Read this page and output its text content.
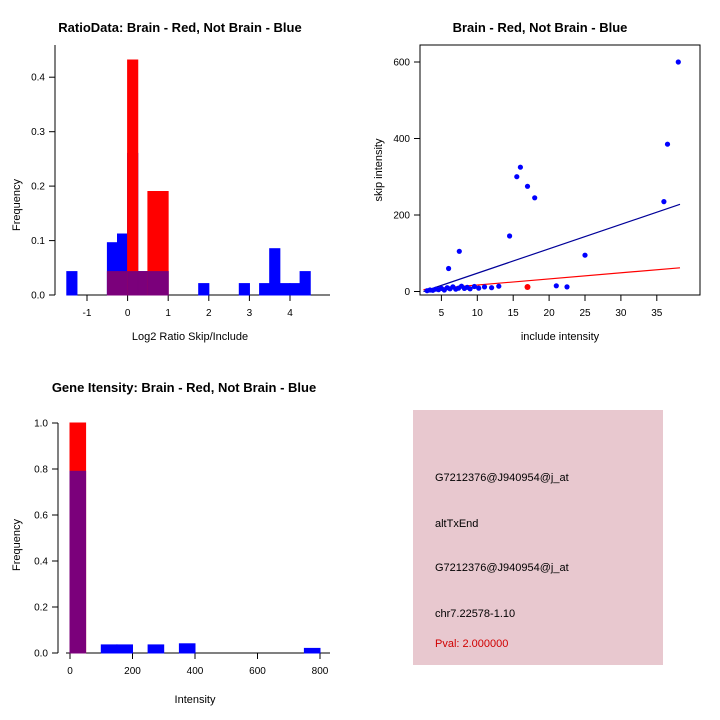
RatioData: Brain - Red, Not Brain - Blue
0.0
0.1
0.2
0.3
0.4
Frequency
-1	0	1	2	3	4
Log2 Ratio Skip/Include
Brain - Red, Not Brain - Blue
0
200
400
600
skip intensity
5	10 15 20 25 30 35
include intensity
Gene Itensity: Brain - Red, Not Brain - Blue
0.0
0.2
0.4
0.6
0.8
1.0
Frequency
0	200	400	600	800
Intensity
G7212376@J940954@j_at
altTxEnd
G7212376@J940954@j_at
chr7.22578-1.10
Pval: 2.000000
